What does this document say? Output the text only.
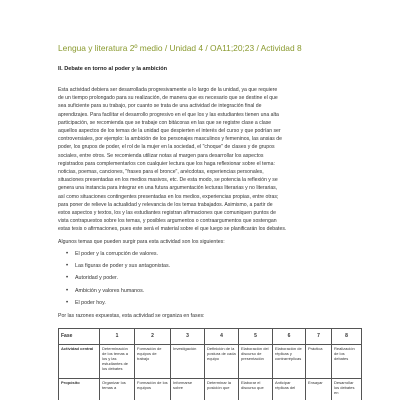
Lengua y literatura 2º medio / Unidad 4 / OA11;20;23 / Actividad 8
II. Debate en torno al poder y la ambición
Esta actividad debiera ser desarrollada progresivamente a lo largo de la unidad, ya que requiere
de un tiempo prolongado para su realización, de manera que es necesario que se destine el que
sea suficiente para su trabajo, por cuanto se trata de una actividad de integración final de
aprendizajes. Para facilitar el desarrollo progresivo en el que los y las estudiantes tienen una alta
participación, se recomienda que se trabaje con bitácoras en las que se registre clase a clase
aquellos aspectos de los temas de la unidad que despierten el interés del curso y que podrían ser
controversiales, por ejemplo: la ambición de los personajes masculinos y femeninos, las ansias de
poder, los grupos de poder, el rol de la mujer en la sociedad, el "choque" de clases y de grupos
sociales, entre otros. Se recomienda utilizar notas al margen para desarrollar los aspectos
registrados para complementarlos con cualquier lectura que los haga reflexionar sobre el tema:
noticias, poemas, canciones, "frases para el bronce", anécdotas, experiencias personales,
situaciones presentadas en los medios masivos, etc. De esta modo, se potencia la reflexión y se
genera una instancia para integrar en una futura argumentación lecturas literarias y no literarias,
así como situaciones contingentes presentadas en los medios, experiencias propias, entre otras;
para poner de relieve la actualidad y relevancia de los temas trabajados. Asimismo, a partir de
estos aspectos y textos, los y las estudiantes registran afirmaciones que comuniquen puntos de
vista contrapuestos sobre los temas, y posibles argumentos o contraargumentos que sostengan
estas tesis o afirmaciones, pues este será el material sobre el que luego se planificarán los debates.
Algunos temas que pueden surgir para esta actividad son los siguientes:
• El poder y la corrupción de valores.
• Las figuras de poder y sus antagonistas.
• Autoridad y poder.
• Ambición y valores humanos.
• El poder hoy.
Por las razones expuestas, esta actividad se organiza en fases:
Fase	1	2	3	4	5	6	7	8
Actividad central	Determinación de los temas a los y las estudiantes de los debates	Formación de equipos de trabajo	Investigación	Definición de la postura de cada equipo	Elaboración del discurso de presentación	Elaboración de réplicas y contrarréplicas	Práctica	Realización de los debates
Propósito	Organizar los temas a	Formación de los equipos	Informarse sobre	Determinar la posición que	Elaborar el discurso que	Anticipar réplicas del	Ensayar	Desarrollar los debates en
